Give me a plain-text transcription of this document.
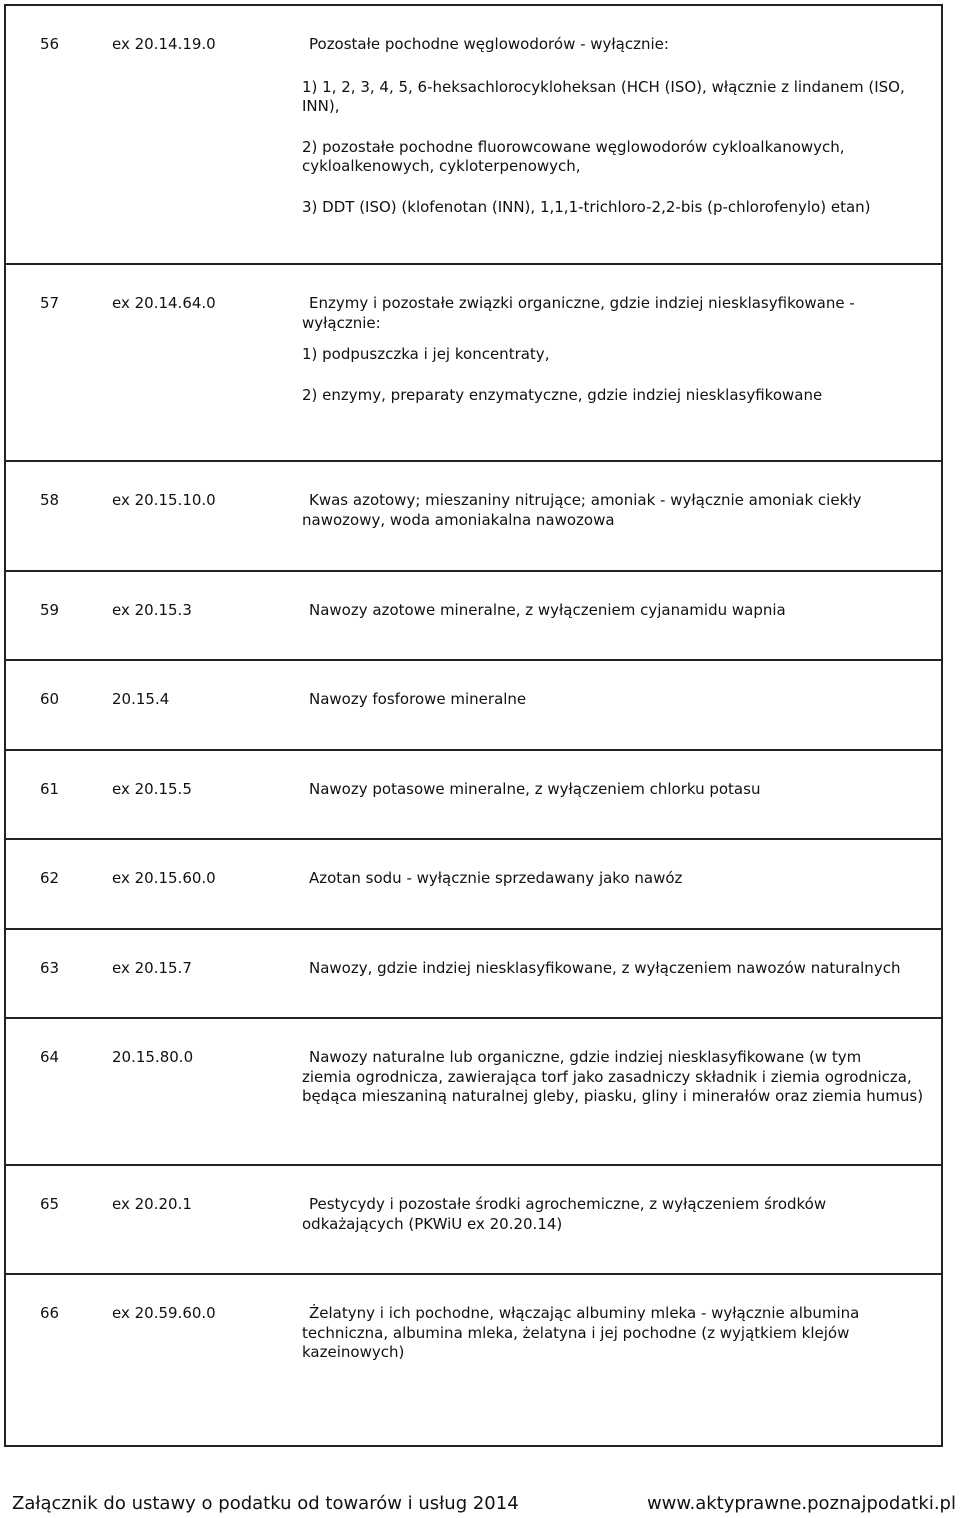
56	ex 20.14.19.0	Pozostałe pochodne węglowodorów - wyłącznie:
1) 1, 2, 3, 4, 5, 6-heksachlorocykloheksan (HCH (ISO), włącznie z lindanem (ISO, INN),
2) pozostałe pochodne fluorowcowane węglowodorów cykloalkanowych, cykloalkenowych, cykloterpenowych,
3) DDT (ISO) (klofenotan (INN), 1,1,1-trichloro-2,2-bis (p-chlorofenylo) etan)

57	ex 20.14.64.0	Enzymy i pozostałe związki organiczne, gdzie indziej niesklasyfikowane -
wyłącznie:
1) podpuszczka i jej koncentraty,
2) enzymy, preparaty enzymatyczne, gdzie indziej niesklasyfikowane

58	ex 20.15.10.0	Kwas azotowy; mieszaniny nitrujące; amoniak - wyłącznie amoniak ciekły
nawozowy, woda amoniakalna nawozowa

59	ex 20.15.3	Nawozy azotowe mineralne, z wyłączeniem cyjanamidu wapnia

60	20.15.4	Nawozy fosforowe mineralne

61	ex 20.15.5	Nawozy potasowe mineralne, z wyłączeniem chlorku potasu

62	ex 20.15.60.0	Azotan sodu - wyłącznie sprzedawany jako nawóz

63	ex 20.15.7	Nawozy, gdzie indziej niesklasyfikowane, z wyłączeniem nawozów naturalnych

64	20.15.80.0	Nawozy naturalne lub organiczne, gdzie indziej niesklasyfikowane (w tym
ziemia ogrodnicza, zawierająca torf jako zasadniczy składnik i ziemia ogrodnicza, będąca mieszaniną naturalnej gleby, piasku, gliny i minerałów oraz ziemia humus)

65	ex 20.20.1	Pestycydy i pozostałe środki agrochemiczne, z wyłączeniem środków
odkażających (PKWiU ex 20.20.14)

66	ex 20.59.60.0	Żelatyny i ich pochodne, włączając albuminy mleka - wyłącznie albumina
techniczna, albumina mleka, żelatyna i jej pochodne (z wyjątkiem klejów kazeinowych)
Załącznik do ustawy o podatku od towarów i usług 2014	www.aktyprawne.poznajpodatki.pl
